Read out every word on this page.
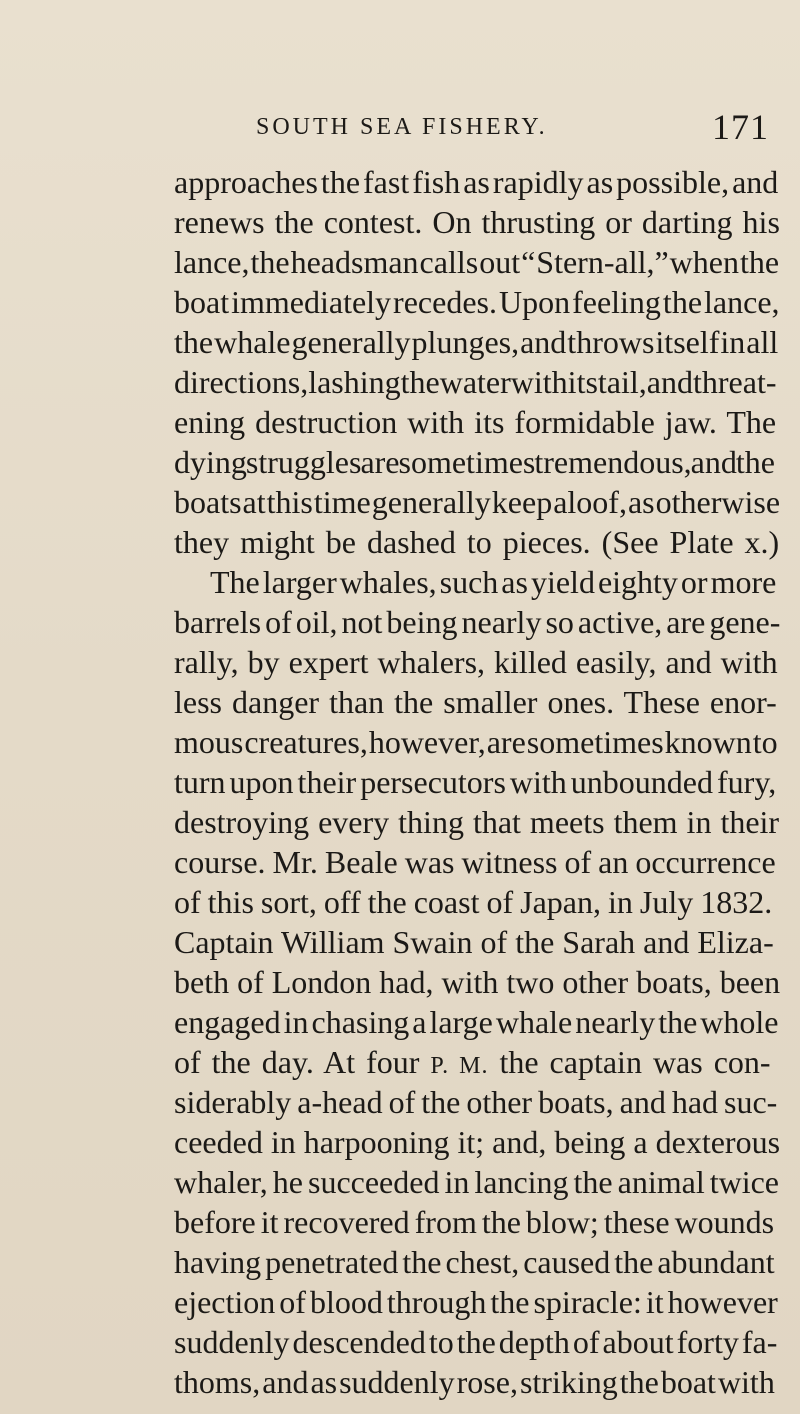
SOUTH SEA FISHERY.	171
approaches the fast fish as rapidly as possible, and
renews the contest. On thrusting or darting his
lance, the headsman calls out “ Stern-all,” when the
boat immediately recedes. Upon feeling the lance,
the whale generally plunges, and throws itself in all
directions, lashing the water with its tail, and threat-
ening destruction with its formidable jaw. The
dying struggles are sometimes tremendous, and the
boats at this time generally keep aloof, as otherwise
they might be dashed to pieces. (See Plate x.)
The larger whales, such as yield eighty or more
barrels of oil, not being nearly so active, are gene-
rally, by expert whalers, killed easily, and with
less danger than the smaller ones. These enor-
mous creatures, however, are sometimes known to
turn upon their persecutors with unbounded fury,
destroying every thing that meets them in their
course. Mr. Beale was witness of an occurrence
of this sort, off the coast of Japan, in July 1832.
Captain William Swain of the Sarah and Eliza-
beth of London had, with two other boats, been
engaged in chasing a large whale nearly the whole
of the day. At four P. M. the captain was con-
siderably a-head of the other boats, and had suc-
ceeded in harpooning it; and, being a dexterous
whaler, he succeeded in lancing the animal twice
before it recovered from the blow; these wounds
having penetrated the chest, caused the abundant
ejection of blood through the spiracle: it however
suddenly descended to the depth of about forty fa-
thoms, and as suddenly rose, striking the boat with
